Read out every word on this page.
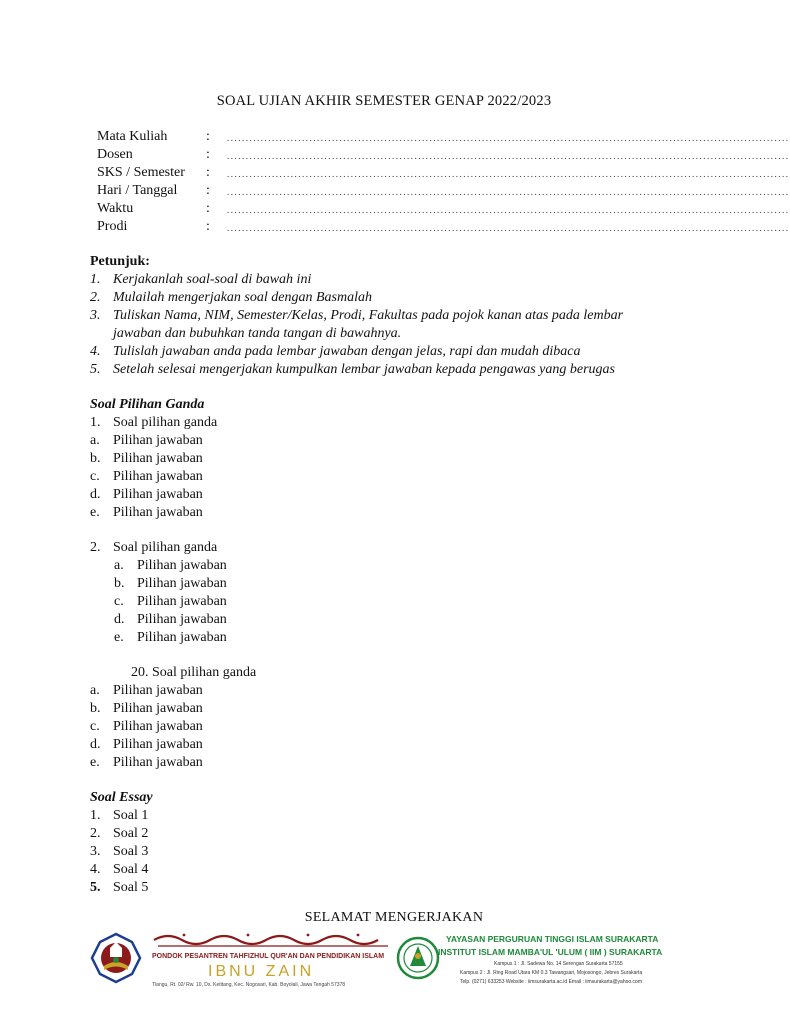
SOAL UJIAN AKHIR SEMESTER GENAP 2022/2023
Mata Kuliah	: ......................................................................................................................................................
Dosen	: ......................................................................................................................................................
SKS / Semester : ......................................................................................................................................................
Hari / Tanggal : ......................................................................................................................................................
Waktu	: ......................................................................................................................................................
Prodi	: ......................................................................................................................................................
Petunjuk:
1. Kerjakanlah soal-soal di bawah ini
2. Mulailah mengerjakan soal dengan Basmalah
3. Tuliskan Nama, NIM, Semester/Kelas, Prodi, Fakultas pada pojok kanan atas pada lembar
jawaban dan bubuhkan tanda tangan di bawahnya.
4. Tulislah jawaban anda pada lembar jawaban dengan jelas, rapi dan mudah dibaca
5. Setelah selesai mengerjakan kumpulkan lembar jawaban kepada pengawas yang berugas
Soal Pilihan Ganda
1. Soal pilihan ganda
a. Pilihan jawaban
b. Pilihan jawaban
c. Pilihan jawaban
d. Pilihan jawaban
e. Pilihan jawaban
2. Soal pilihan ganda
a. Pilihan jawaban
b. Pilihan jawaban
c. Pilihan jawaban
d. Pilihan jawaban
e. Pilihan jawaban
20. Soal pilihan ganda
a. Pilihan jawaban
b. Pilihan jawaban
c. Pilihan jawaban
d. Pilihan jawaban
e. Pilihan jawaban
Soal Essay
1. Soal 1
2. Soal 2
3. Soal 3
4. Soal 4
5. Soal 5
SELAMAT MENGERJAKAN
PONDOK PESANTREN TAHFIZHUL QUR'AN DAN PENDIDIKAN ISLAM
IBNU ZAIN
Tlangu, Rt. 02/ Rw. 10, Ds. Ketitang, Kec. Nogosari, Kab. Boyolali, Jawa Tengah 57378
YAYASAN PERGURUAN TINGGI ISLAM SURAKARTA
INSTITUT ISLAM MAMBA'UL 'ULUM ( IIM ) SURAKARTA
Kampus 1 : Jl. Sadewa No. 14 Serengan Surakarta 57155
Kampus 2 : Jl. Ring Road Utara KM 0.3 Tawangsari, Mojosongo, Jebres Surakarta
Telp. (0271) 633253 Website : iimsurakarta.ac.id Email : iimsurakarta@yahoo.com
